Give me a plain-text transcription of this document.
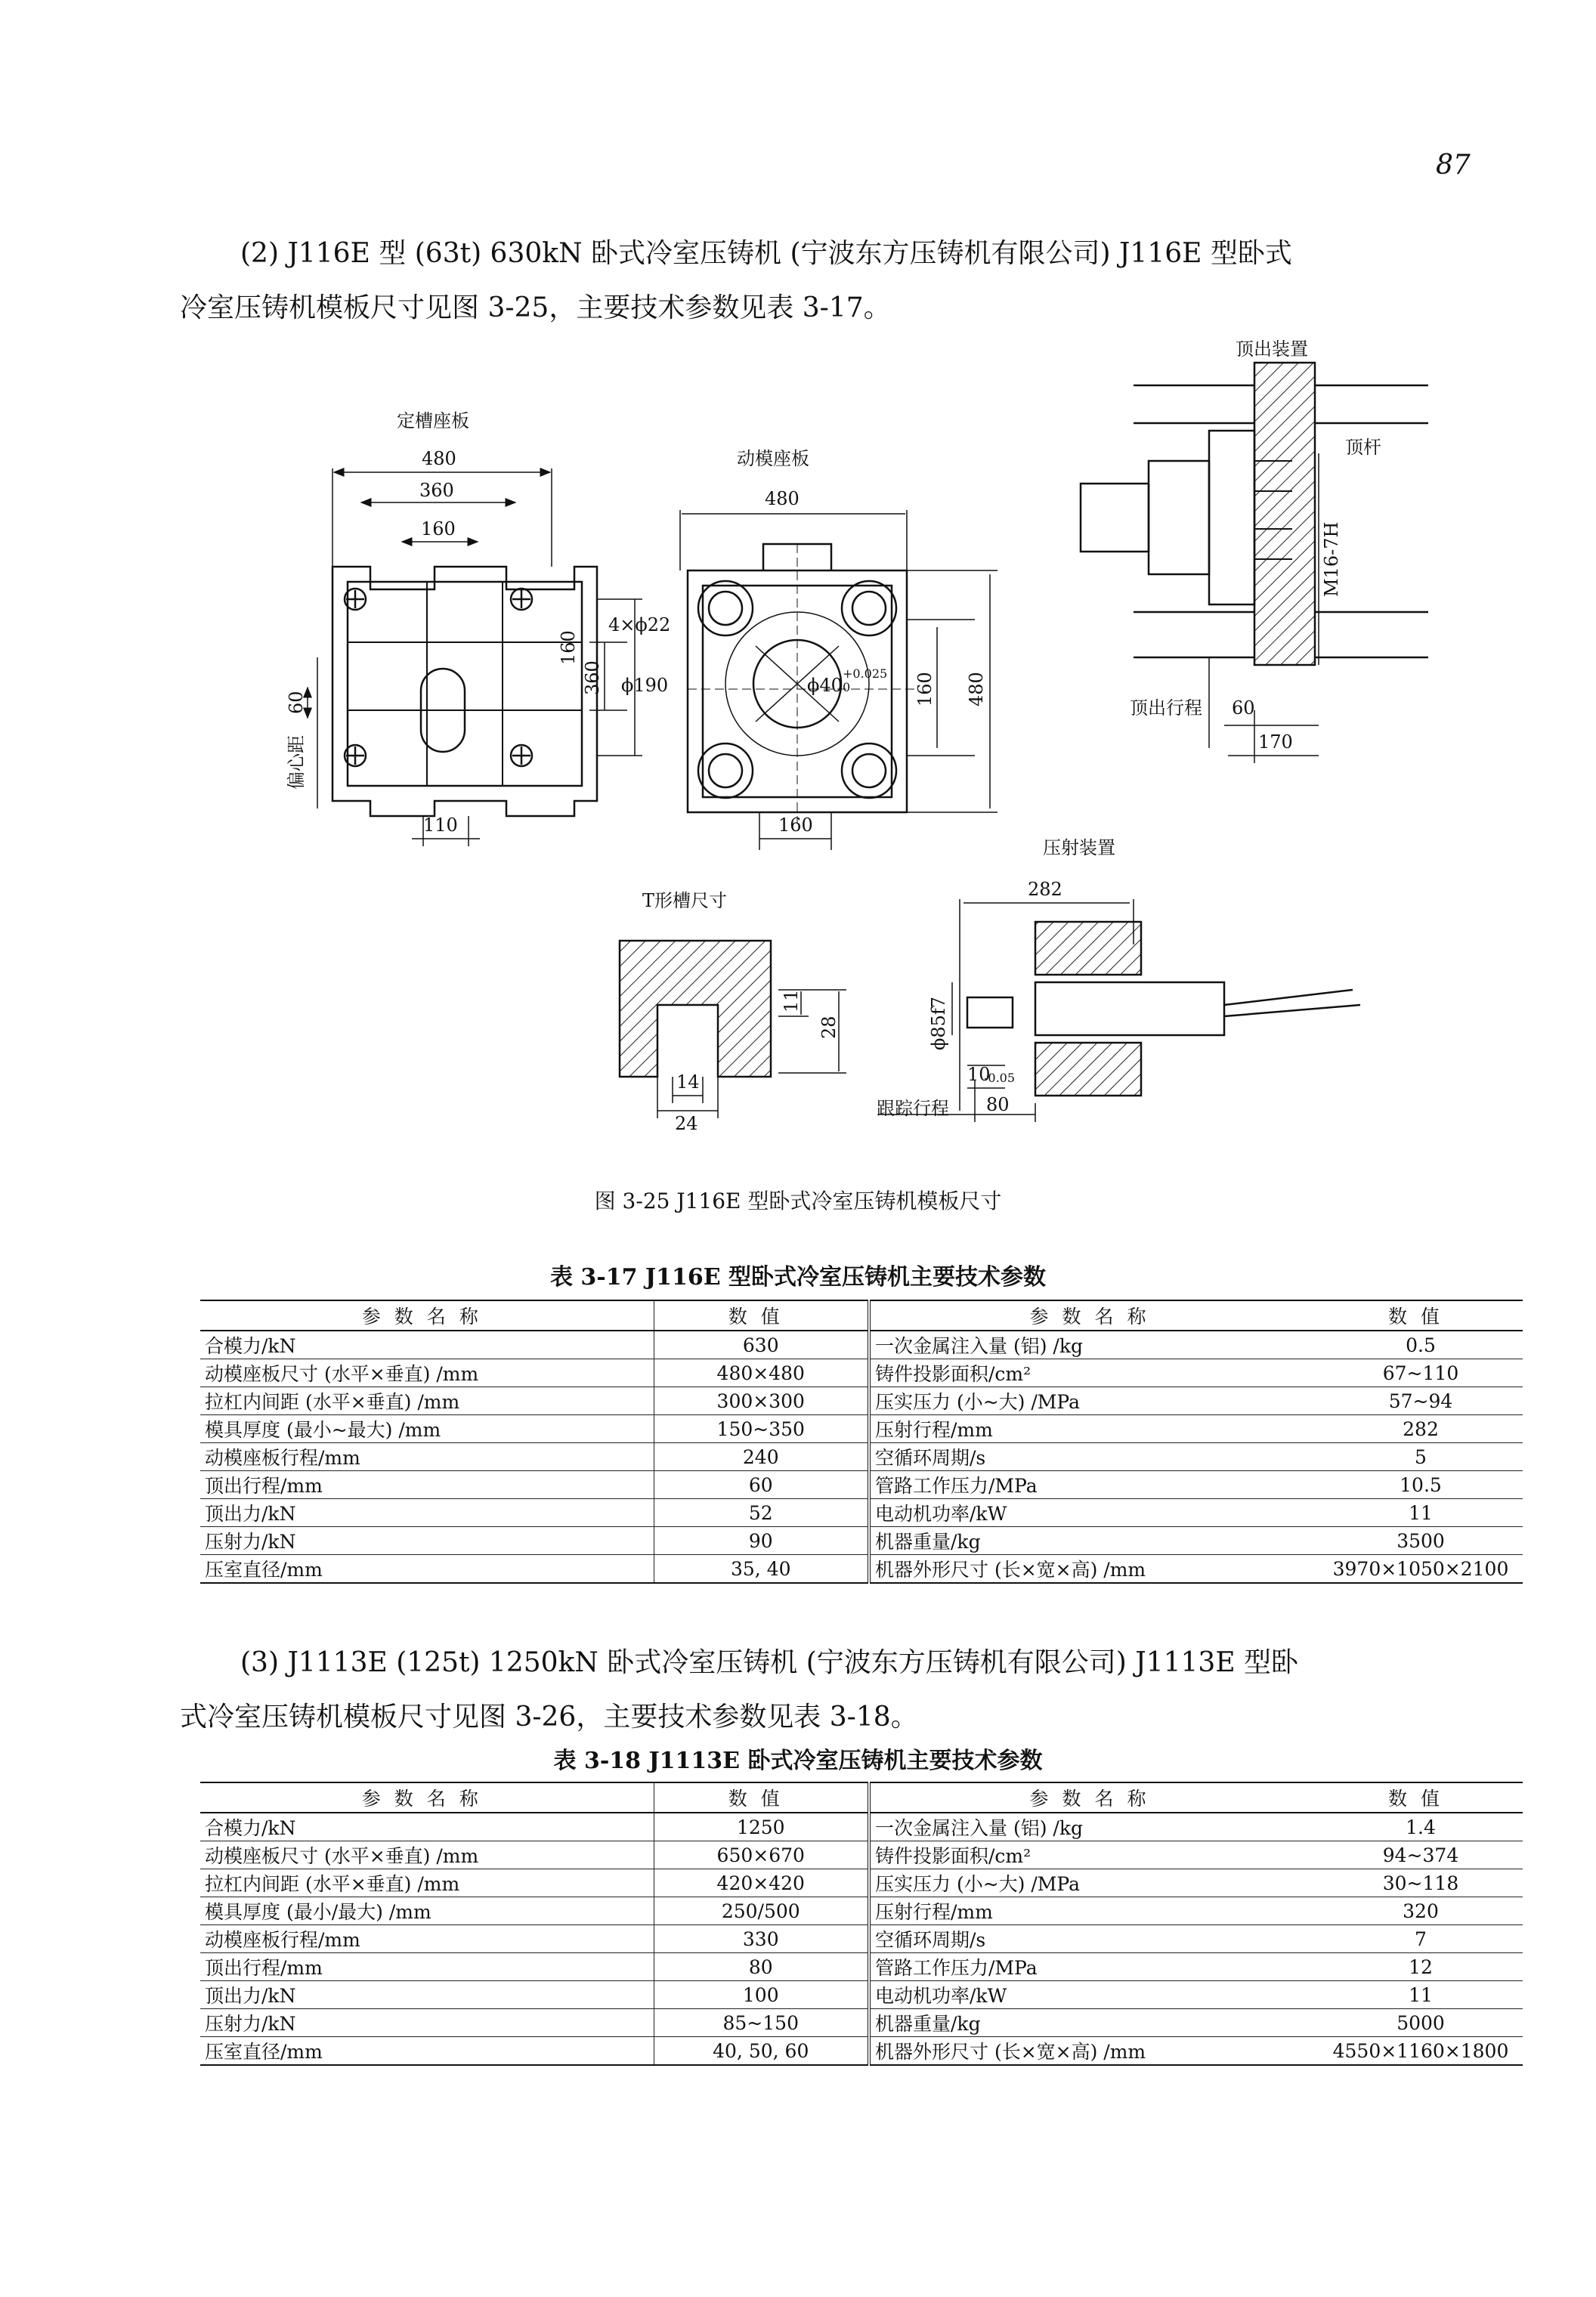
87
(2) J116E 型 (63t) 630kN 卧式冷室压铸机 (宁波东方压铸机有限公司) J116E 型卧式
冷室压铸机模板尺寸见图 3-25，主要技术参数见表 3-17。
定槽座板
480
360
160
160
360
60
偏心距
110
动模座板
480
4×ϕ22
ϕ190	ϕ40
+0.025
0	160 480
160
顶出装置
顶杆
M16-7H
顶出行程 60
170
T形槽尺寸
11
28
14
24
压射装置
282
ϕ85f7
10
-0.05
跟踪行程 80
图 3-25 J116E 型卧式冷室压铸机模板尺寸
表 3-17 J116E 型卧式冷室压铸机主要技术参数
参数名称	数值	参数名称	数值
合模力/kN	630	一次金属注入量 (铝) /kg	0.5
动模座板尺寸 (水平×垂直) /mm	480×480	铸件投影面积/cm²	67~110
拉杠内间距 (水平×垂直) /mm	300×300	压实压力 (小~大) /MPa	57~94
模具厚度 (最小~最大) /mm	150~350	压射行程/mm	282
动模座板行程/mm	240	空循环周期/s	5
顶出行程/mm	60	管路工作压力/MPa	10.5
顶出力/kN	52	电动机功率/kW	11
压射力/kN	90	机器重量/kg	3500
压室直径/mm	35, 40	机器外形尺寸 (长×宽×高) /mm	3970×1050×2100
(3) J1113E (125t) 1250kN 卧式冷室压铸机 (宁波东方压铸机有限公司) J1113E 型卧
式冷室压铸机模板尺寸见图 3-26，主要技术参数见表 3-18。
表 3-18 J1113E 卧式冷室压铸机主要技术参数
参数名称	数值	参数名称	数值
合模力/kN	1250	一次金属注入量 (铝) /kg	1.4
动模座板尺寸 (水平×垂直) /mm	650×670	铸件投影面积/cm²	94~374
拉杠内间距 (水平×垂直) /mm	420×420	压实压力 (小~大) /MPa	30~118
模具厚度 (最小/最大) /mm	250/500	压射行程/mm	320
动模座板行程/mm	330	空循环周期/s	7
顶出行程/mm	80	管路工作压力/MPa	12
顶出力/kN	100	电动机功率/kW	11
压射力/kN	85~150	机器重量/kg	5000
压室直径/mm	40, 50, 60	机器外形尺寸 (长×宽×高) /mm	4550×1160×1800
